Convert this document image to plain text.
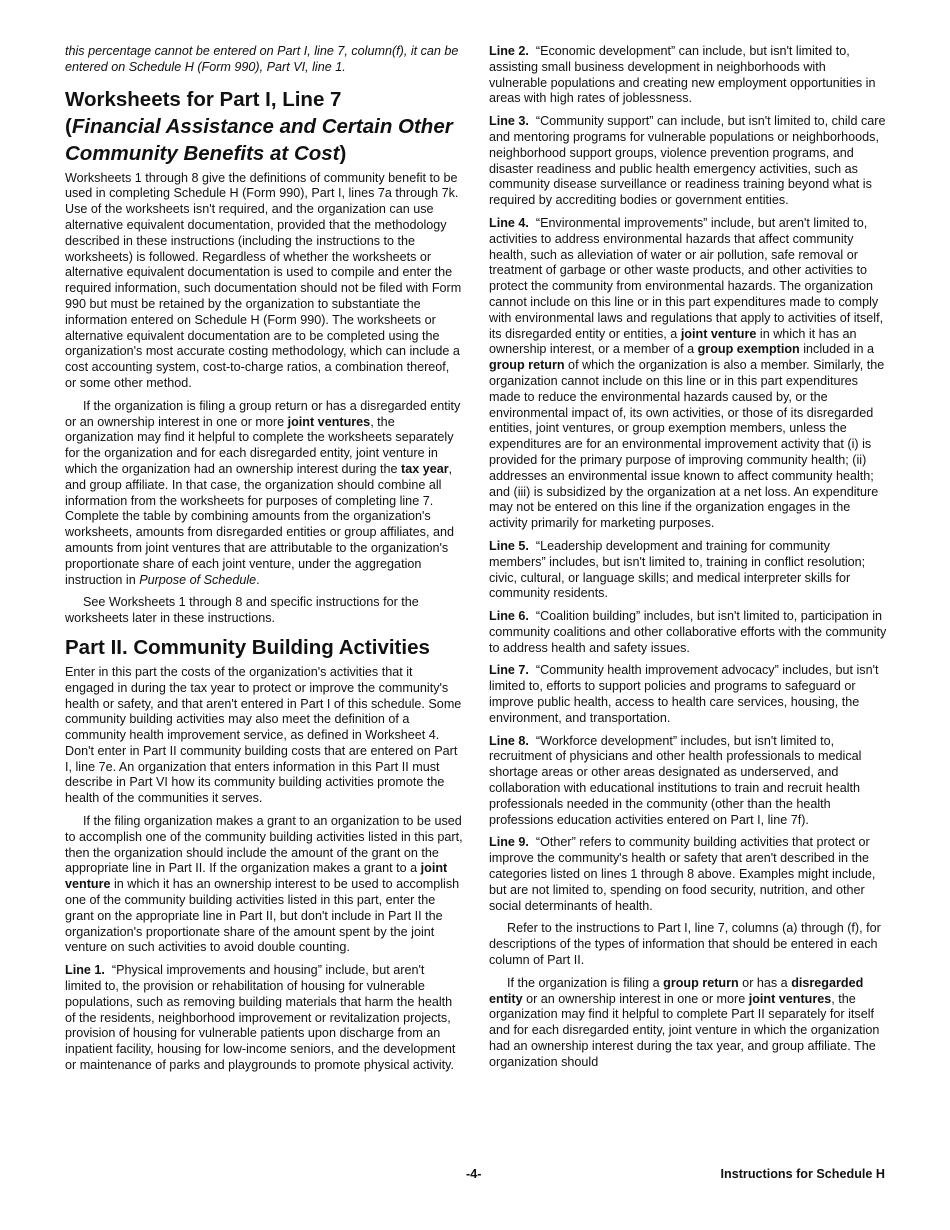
this percentage cannot be entered on Part I, line 7, column(f), it can be entered on Schedule H (Form 990), Part VI, line 1.

Worksheets for Part I, Line 7
(Financial Assistance and Certain Other Community Benefits at Cost)

Worksheets 1 through 8 give the definitions of community benefit to be used in completing Schedule H (Form 990), Part I, lines 7a through 7k. Use of the worksheets isn't required, and the organization can use alternative equivalent documentation, provided that the methodology described in these instructions (including the instructions to the worksheets) is followed. Regardless of whether the worksheets or alternative equivalent documentation is used to compile and enter the required information, such documentation should not be filed with Form 990 but must be retained by the organization to substantiate the information entered on Schedule H (Form 990). The worksheets or alternative equivalent documentation are to be completed using the organization's most accurate costing methodology, which can include a cost accounting system, cost-to-charge ratios, a combination thereof, or some other method.

If the organization is filing a group return or has a disregarded entity or an ownership interest in one or more joint ventures, the organization may find it helpful to complete the worksheets separately for the organization and for each disregarded entity, joint venture in which the organization had an ownership interest during the tax year, and group affiliate. In that case, the organization should combine all information from the worksheets for purposes of completing line 7. Complete the table by combining amounts from the organization's worksheets, amounts from disregarded entities or group affiliates, and amounts from joint ventures that are attributable to the organization's proportionate share of each joint venture, under the aggregation instruction in Purpose of Schedule.

See Worksheets 1 through 8 and specific instructions for the worksheets later in these instructions.

Part II. Community Building Activities

Enter in this part the costs of the organization's activities that it engaged in during the tax year to protect or improve the community's health or safety, and that aren't entered in Part I of this schedule. Some community building activities may also meet the definition of a community health improvement service, as defined in Worksheet 4. Don't enter in Part II community building costs that are entered on Part I, line 7e. An organization that enters information in this Part II must describe in Part VI how its community building activities promote the health of the communities it serves.

If the filing organization makes a grant to an organization to be used to accomplish one of the community building activities listed in this part, then the organization should include the amount of the grant on the appropriate line in Part II. If the organization makes a grant to a joint venture in which it has an ownership interest to be used to accomplish one of the community building activities listed in this part, enter the grant on the appropriate line in Part II, but don't include in Part II the organization's proportionate share of the amount spent by the joint venture on such activities to avoid double counting.

Line 1. “Physical improvements and housing” include, but aren't limited to, the provision or rehabilitation of housing for vulnerable populations, such as removing building materials that harm the health of the residents, neighborhood improvement or revitalization projects, provision of housing for vulnerable patients upon discharge from an inpatient facility, housing for low-income seniors, and the development or maintenance of parks and playgrounds to promote physical activity.

Line 2. “Economic development” can include, but isn't limited to, assisting small business development in neighborhoods with vulnerable populations and creating new employment opportunities in areas with high rates of joblessness.

Line 3. “Community support” can include, but isn't limited to, child care and mentoring programs for vulnerable populations or neighborhoods, neighborhood support groups, violence prevention programs, and disaster readiness and public health emergency activities, such as community disease surveillance or readiness training beyond what is required by accrediting bodies or government entities.

Line 4. “Environmental improvements” include, but aren't limited to, activities to address environmental hazards that affect community health, such as alleviation of water or air pollution, safe removal or treatment of garbage or other waste products, and other activities to protect the community from environmental hazards. The organization cannot include on this line or in this part expenditures made to comply with environmental laws and regulations that apply to activities of itself, its disregarded entity or entities, a joint venture in which it has an ownership interest, or a member of a group exemption included in a group return of which the organization is also a member. Similarly, the organization cannot include on this line or in this part expenditures made to reduce the environmental hazards caused by, or the environmental impact of, its own activities, or those of its disregarded entities, joint ventures, or group exemption members, unless the expenditures are for an environmental improvement activity that (i) is provided for the primary purpose of improving community health; (ii) addresses an environmental issue known to affect community health; and (iii) is subsidized by the organization at a net loss. An expenditure may not be entered on this line if the organization engages in the activity primarily for marketing purposes.

Line 5. “Leadership development and training for community members” includes, but isn't limited to, training in conflict resolution; civic, cultural, or language skills; and medical interpreter skills for community residents.

Line 6. “Coalition building” includes, but isn't limited to, participation in community coalitions and other collaborative efforts with the community to address health and safety issues.

Line 7. “Community health improvement advocacy” includes, but isn't limited to, efforts to support policies and programs to safeguard or improve public health, access to health care services, housing, the environment, and transportation.

Line 8. “Workforce development” includes, but isn't limited to, recruitment of physicians and other health professionals to medical shortage areas or other areas designated as underserved, and collaboration with educational institutions to train and recruit health professionals needed in the community (other than the health professions education activities entered on Part I, line 7f).

Line 9. “Other” refers to community building activities that protect or improve the community's health or safety that aren't described in the categories listed on lines 1 through 8 above. Examples might include, but are not limited to, spending on food security, nutrition, and other social determinants of health.

Refer to the instructions to Part I, line 7, columns (a) through (f), for descriptions of the types of information that should be entered in each column of Part II.

If the organization is filing a group return or has a disregarded entity or an ownership interest in one or more joint ventures, the organization may find it helpful to complete Part II separately for itself and for each disregarded entity, joint venture in which the organization had an ownership interest during the tax year, and group affiliate. The organization should

-4-	Instructions for Schedule H
